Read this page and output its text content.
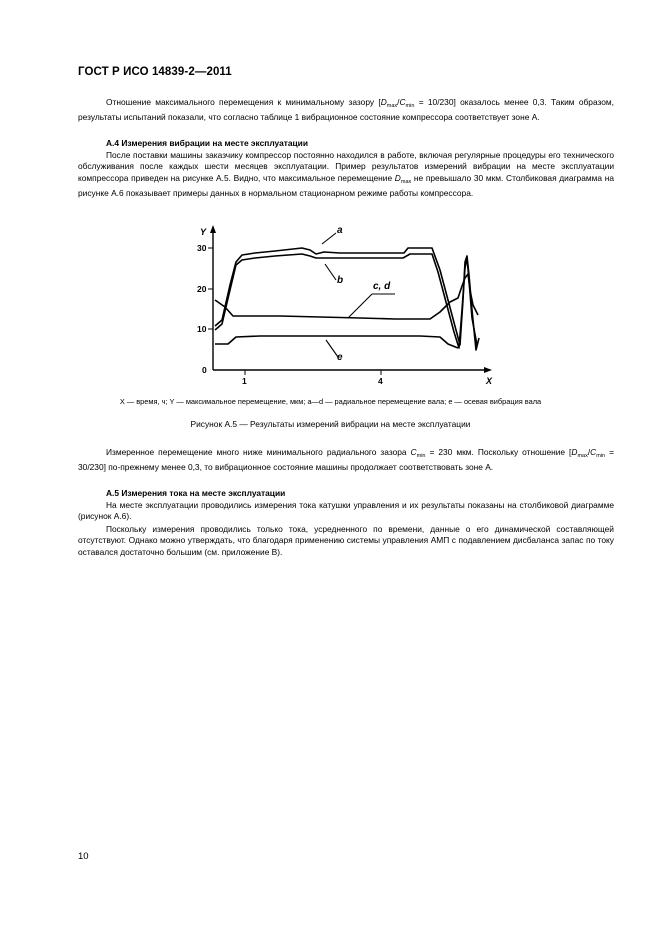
ГОСТ Р ИСО 14839-2—2011

Отношение максимального перемещения к минимальному зазору $[D_{max}/C_{min} = 10/230]$ оказалось менее 0,3. Таким образом, результаты испытаний показали, что согласно таблице 1 вибрационное состояние компрессора соответствует зоне А.

А.4 Измерения вибрации на месте эксплуатации

После поставки машины заказчику компрессор постоянно находился в работе, включая регулярные процедуры его технического обслуживания после каждых шести месяцев эксплуатации. Пример результатов измерений вибрации на месте эксплуатации компрессора приведен на рисунке А.5. Видно, что максимальное перемещение $D_{max}$ не превышало 30 мкм. Столбиковая диаграмма на рисунке А.6 показывает примеры данных в нормальном стационарном режиме работы компрессора.

Y
X
30
20
10
0
1	4
a
b
c, d
e
X — время, ч; Y — максимальное перемещение, мкм; a—d — радиальное перемещение вала; e — осевая вибрация вала
Рисунок А.5 — Результаты измерений вибрации на месте эксплуатации

Измеренное перемещение много ниже минимального радиального зазора $C_{min} = 230$ мкм. Поскольку отношение $[D_{max}/C_{min} = 30/230]$ по-прежнему менее 0,3, то вибрационное состояние машины продолжает соответствовать зоне А.

А.5 Измерения тока на месте эксплуатации

На месте эксплуатации проводились измерения тока катушки управления и их результаты показаны на столбиковой диаграмме (рисунок А.6).

Поскольку измерения проводились только тока, усредненного по времени, данные о его динамической составляющей отсутствуют. Однако можно утверждать, что благодаря применению системы управления АМП с подавлением дисбаланса запас по току оставался достаточно большим (см. приложение В).

10
